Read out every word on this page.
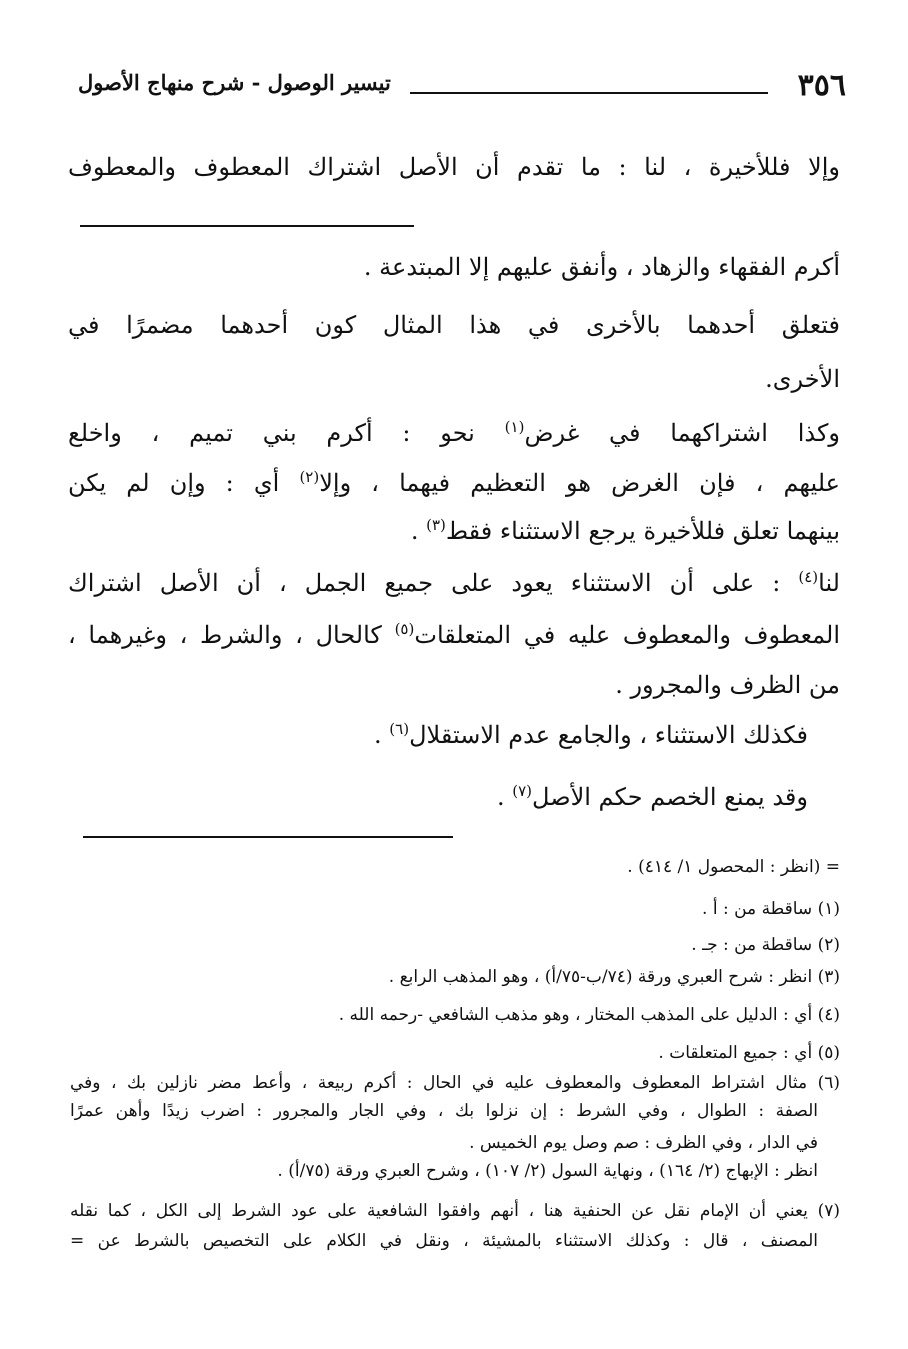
٣٥٦
تيسير الوصول - شرح منهاج الأصول
وإلا فللأخيرة ، لنا : ما تقدم أن الأصل اشتراك المعطوف والمعطوف
أكرم الفقهاء والزهاد ، وأنفق عليهم إلا المبتدعة .
فتعلق أحدهما بالأخرى في هذا المثال كون أحدهما مضمرًا في
الأخرى.
وكذا اشتراكهما في غرض$^{(١)}$ نحو : أكرم بني تميم ، واخلع
عليهم ، فإن الغرض هو التعظيم فيهما ، وإلا$^{(٢)}$ أي : وإن لم يكن
بينهما تعلق فللأخيرة يرجع الاستثناء فقط$^{(٣)}$ .
لنا$^{(٤)}$ : على أن الاستثناء يعود على جميع الجمل ، أن الأصل اشتراك
المعطوف والمعطوف عليه في المتعلقات$^{(٥)}$ كالحال ، والشرط ، وغيرهما ،
من الظرف والمجرور .
فكذلك الاستثناء ، والجامع عدم الاستقلال$^{(٦)}$ .
وقد يمنع الخصم حكم الأصل$^{(٧)}$ .
= (انظر : المحصول ١/ ٤١٤) .
(١) ساقطة من : أ .
(٢) ساقطة من : جـ .
(٣) انظر : شرح العبري ورقة (٧٤/ب-٧٥/أ) ، وهو المذهب الرابع .
(٤) أي : الدليل على المذهب المختار ، وهو مذهب الشافعي -رحمه الله .
(٥) أي : جميع المتعلقات .
(٦) مثال اشتراط المعطوف والمعطوف عليه في الحال : أكرم ربيعة ، وأعط مضر نازلين بك ، وفي
الصفة : الطوال ، وفي الشرط : إن نزلوا بك ، وفي الجار والمجرور : اضرب زيدًا وأهن عمرًا
في الدار ، وفي الظرف : صم وصل يوم الخميس .
انظر : الإبهاج (٢/ ١٦٤) ، ونهاية السول (٢/ ١٠٧) ، وشرح العبري ورقة (٧٥/أ) .
(٧) يعني أن الإمام نقل عن الحنفية هنا ، أنهم وافقوا الشافعية على عود الشرط إلى الكل ، كما نقله
المصنف ، قال : وكذلك الاستثناء بالمشيئة ، ونقل في الكلام على التخصيص بالشرط عن =
